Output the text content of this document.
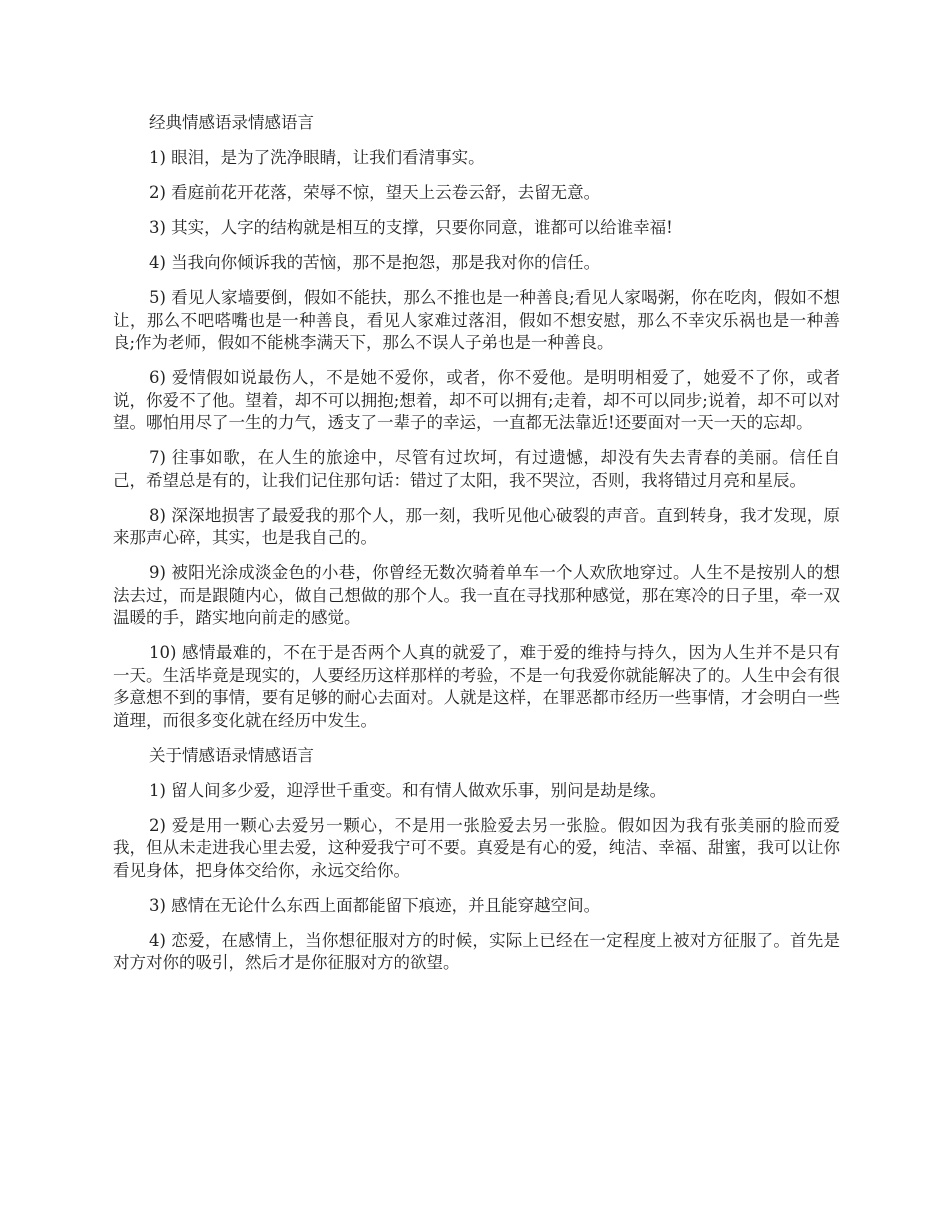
经典情感语录情感语言

1) 眼泪，是为了洗净眼睛，让我们看清事实。

2) 看庭前花开花落，荣辱不惊，望天上云卷云舒，去留无意。

3) 其实，人字的结构就是相互的支撑，只要你同意，谁都可以给谁幸福!

4) 当我向你倾诉我的苦恼，那不是抱怨，那是我对你的信任。

5) 看见人家墙要倒，假如不能扶，那么不推也是一种善良;看见人家喝粥，你在吃肉，假如不想让，那么不吧嗒嘴也是一种善良，看见人家难过落泪，假如不想安慰，那么不幸灾乐祸也是一种善良;作为老师，假如不能桃李满天下，那么不误人子弟也是一种善良。

6) 爱情假如说最伤人，不是她不爱你，或者，你不爱他。是明明相爱了，她爱不了你，或者说，你爱不了他。望着，却不可以拥抱;想着，却不可以拥有;走着，却不可以同步;说着，却不可以对望。哪怕用尽了一生的力气，透支了一辈子的幸运，一直都无法靠近!还要面对一天一天的忘却。

7) 往事如歌，在人生的旅途中，尽管有过坎坷，有过遗憾，却没有失去青春的美丽。信任自己，希望总是有的，让我们记住那句话：错过了太阳，我不哭泣，否则，我将错过月亮和星辰。

8) 深深地损害了最爱我的那个人，那一刻，我听见他心破裂的声音。直到转身，我才发现，原来那声心碎，其实，也是我自己的。

9) 被阳光涂成淡金色的小巷，你曾经无数次骑着单车一个人欢欣地穿过。人生不是按别人的想法去过，而是跟随内心，做自己想做的那个人。我一直在寻找那种感觉，那在寒冷的日子里，牵一双温暖的手，踏实地向前走的感觉。

10) 感情最难的，不在于是否两个人真的就爱了，难于爱的维持与持久，因为人生并不是只有一天。生活毕竟是现实的，人要经历这样那样的考验，不是一句我爱你就能解决了的。人生中会有很多意想不到的事情，要有足够的耐心去面对。人就是这样，在罪恶都市经历一些事情，才会明白一些道理，而很多变化就在经历中发生。

关于情感语录情感语言

1) 留人间多少爱，迎浮世千重变。和有情人做欢乐事，别问是劫是缘。

2) 爱是用一颗心去爱另一颗心，不是用一张脸爱去另一张脸。假如因为我有张美丽的脸而爱我，但从未走进我心里去爱，这种爱我宁可不要。真爱是有心的爱，纯洁、幸福、甜蜜，我可以让你看见身体，把身体交给你，永远交给你。

3) 感情在无论什么东西上面都能留下痕迹，并且能穿越空间。

4) 恋爱，在感情上，当你想征服对方的时候，实际上已经在一定程度上被对方征服了。首先是对方对你的吸引，然后才是你征服对方的欲望。
